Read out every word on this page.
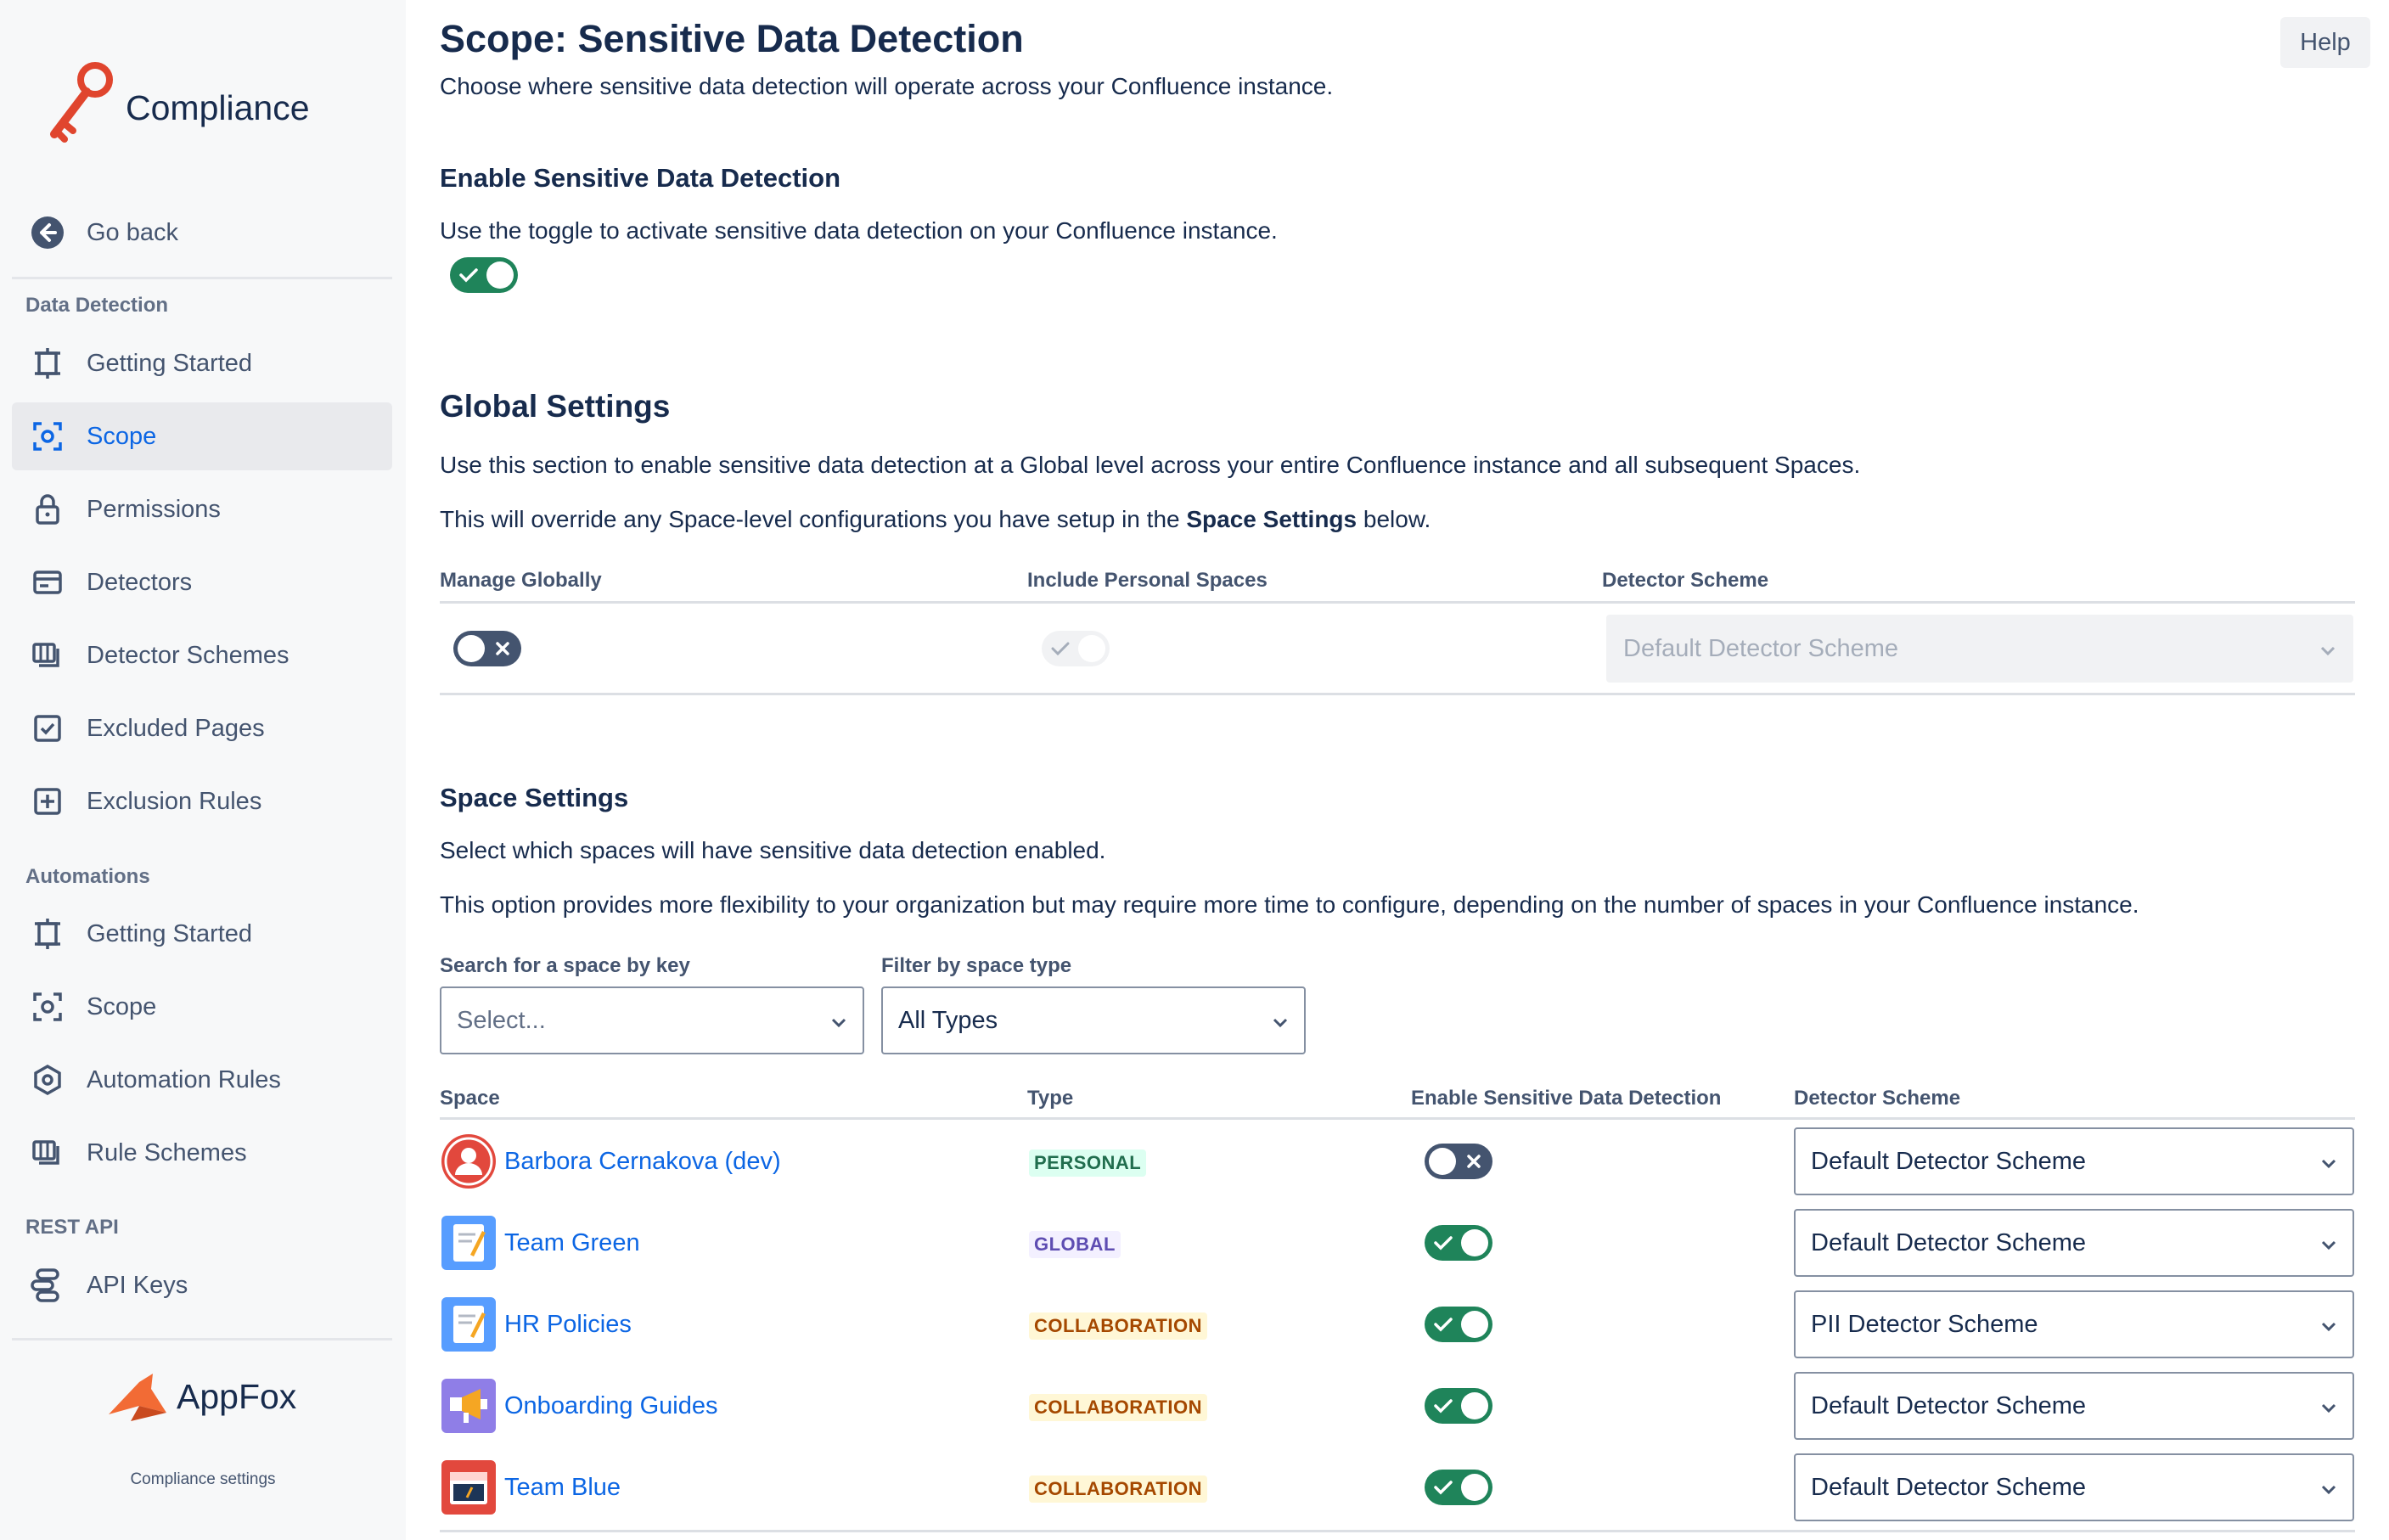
Compliance
Go back
Data Detection
Getting Started
Scope
Permissions
Detectors
Detector Schemes
Excluded Pages
Exclusion Rules
Automations
Getting Started
Scope
Automation Rules
Rule Schemes
REST API
API Keys
AppFox
Compliance settings
Scope: Sensitive Data Detection
Choose where sensitive data detection will operate across your Confluence instance.
Help
Enable Sensitive Data Detection
Use the toggle to activate sensitive data detection on your Confluence instance.
Global Settings
Use this section to enable sensitive data detection at a Global level across your entire Confluence instance and all subsequent Spaces.
This will override any Space-level configurations you have setup in the Space Settings below.
Manage Globally	Include Personal Spaces	Detector Scheme
Default Detector Scheme
Space Settings
Select which spaces will have sensitive data detection enabled.
This option provides more flexibility to your organization but may require more time to configure, depending on the number of spaces in your Confluence instance.
Search for a space by key	Filter by space type
Select...	All Types
Space	Type	Enable Sensitive Data Detection	Detector Scheme
Barbora Cernakova (dev)	PERSONAL	Default Detector Scheme
Team Green	GLOBAL	Default Detector Scheme
HR Policies	COLLABORATION	PII Detector Scheme
Onboarding Guides	COLLABORATION	Default Detector Scheme
Team Blue	COLLABORATION	Default Detector Scheme
